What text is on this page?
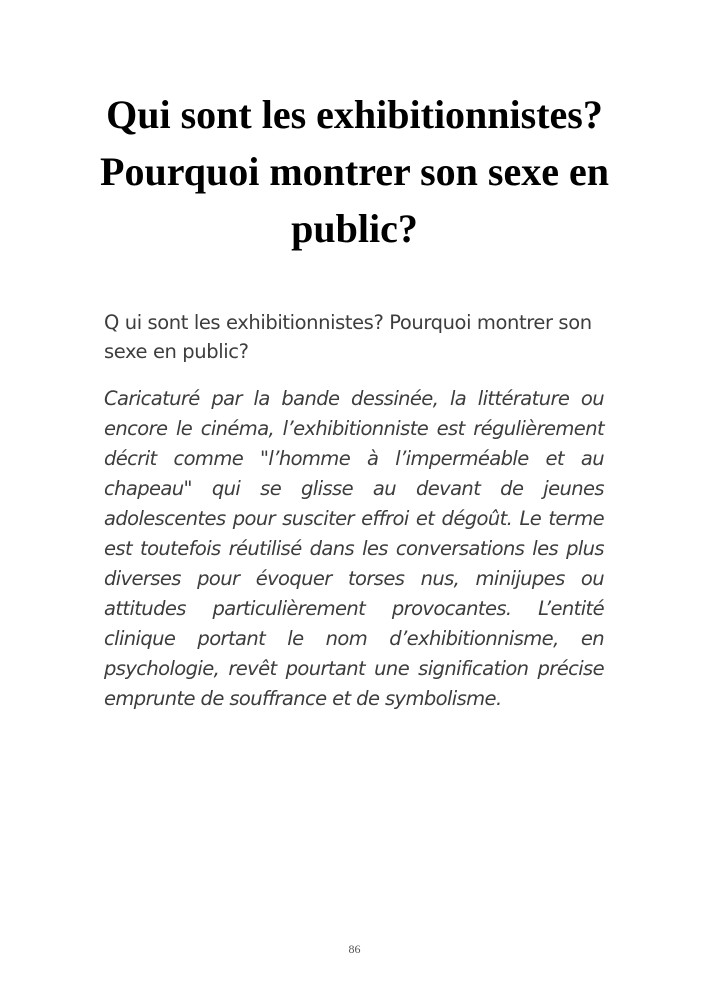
Qui sont les exhibitionnistes? Pourquoi montrer son sexe en public?

Q ui sont les exhibitionnistes? Pourquoi montrer son sexe en public?

Caricaturé par la bande dessinée, la littérature ou encore le cinéma, l’exhibitionniste est régulièrement décrit comme "l’homme à l’imperméable et au chapeau" qui se glisse au devant de jeunes adolescentes pour susciter effroi et dégoût. Le terme est toutefois réutilisé dans les conversations les plus diverses pour évoquer torses nus, minijupes ou attitudes particulièrement provocantes. L’entité clinique portant le nom d’exhibitionnisme, en psychologie, revêt pourtant une signification précise emprunte de souffrance et de symbolisme.

86
